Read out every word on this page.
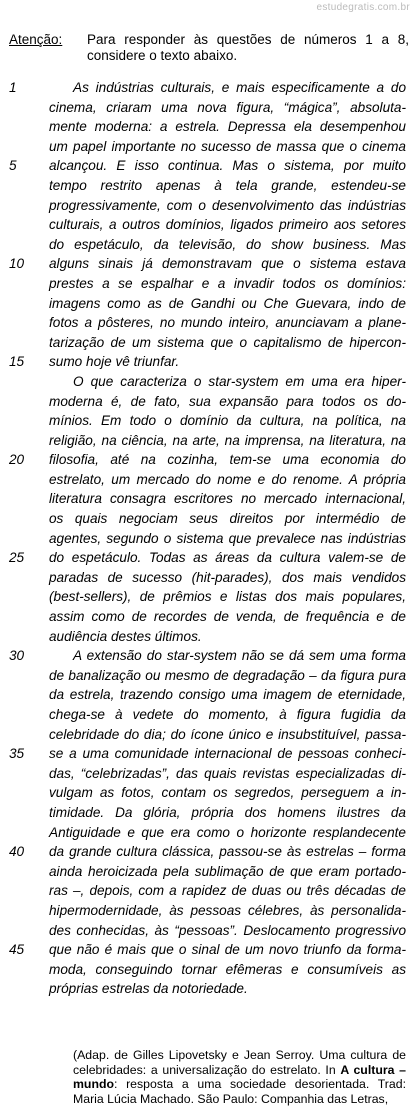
estudegratis.com.br
Atenção: Para responder às questões de números 1 a 8, considere o texto abaixo.
1	As indústrias culturais, e mais especificamente a do
cinema, criaram uma nova figura, “mágica”, absoluta-
mente moderna: a estrela. Depressa ela desempenhou
um papel importante no sucesso de massa que o cinema
5	alcançou. E isso continua. Mas o sistema, por muito
tempo restrito apenas à tela grande, estendeu-se
progressivamente, com o desenvolvimento das indústrias
culturais, a outros domínios, ligados primeiro aos setores
do espetáculo, da televisão, do show business. Mas
10	alguns sinais já demonstravam que o sistema estava
prestes a se espalhar e a invadir todos os domínios:
imagens como as de Gandhi ou Che Guevara, indo de
fotos a pôsteres, no mundo inteiro, anunciavam a plane-
tarização de um sistema que o capitalismo de hipercon-
15	sumo hoje vê triunfar.
O que caracteriza o star-system em uma era hiper-
moderna é, de fato, sua expansão para todos os do-
mínios. Em todo o domínio da cultura, na política, na
religião, na ciência, na arte, na imprensa, na literatura, na
20	filosofia, até na cozinha, tem-se uma economia do
estrelato, um mercado do nome e do renome. A própria
literatura consagra escritores no mercado internacional,
os quais negociam seus direitos por intermédio de
agentes, segundo o sistema que prevalece nas indústrias
25	do espetáculo. Todas as áreas da cultura valem-se de
paradas de sucesso (hit-parades), dos mais vendidos
(best-sellers), de prêmios e listas dos mais populares,
assim como de recordes de venda, de frequência e de
audiência destes últimos.
30	A extensão do star-system não se dá sem uma forma
de banalização ou mesmo de degradação – da figura pura
da estrela, trazendo consigo uma imagem de eternidade,
chega-se à vedete do momento, à figura fugidia da
celebridade do dia; do ícone único e insubstituível, passa-
35	se a uma comunidade internacional de pessoas conheci-
das, “celebrizadas”, das quais revistas especializadas di-
vulgam as fotos, contam os segredos, perseguem a in-
timidade. Da glória, própria dos homens ilustres da
Antiguidade e que era como o horizonte resplandecente
40	da grande cultura clássica, passou-se às estrelas – forma
ainda heroicizada pela sublimação de que eram portado-
ras –, depois, com a rapidez de duas ou três décadas de
hipermodernidade, às pessoas célebres, às personalida-
des conhecidas, às “pessoas”. Deslocamento progressivo
45	que não é mais que o sinal de um novo triunfo da forma-
moda, conseguindo tornar efêmeras e consumíveis as
próprias estrelas da notoriedade.
(Adap. de Gilles Lipovetsky e Jean Serroy. Uma cultura de celebridades: a universalização do estrelato. In A cultura – mundo: resposta a uma sociedade desorientada. Trad: Maria Lúcia Machado. São Paulo: Companhia das Letras,
